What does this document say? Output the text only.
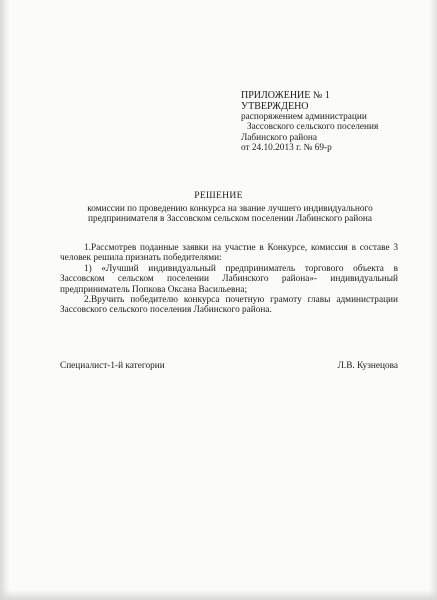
ПРИЛОЖЕНИЕ № 1
УТВЕРЖДЕНО
распоряжением администрации
Зассовского сельского поселения
Лабинского района
от 24.10.2013 г. № 69-р
РЕШЕНИЕ
комиссии по проведению конкурса на звание лучшего индивидуального
предпринимателя в Зассовском сельском поселении Лабинского района
1.Рассмотрев поданные заявки на участие в Конкурсе, комиссия в составе 3 человек решила признать победителями:
1) «Лучший индивидуальный предприниматель торгового объекта в Зассовском сельском поселении Лабинского района»- индивидуальный предприниматель Попкова Оксана Васильевна;
2.Вручить победителю конкурса почетную грамоту главы администрации Зассовского сельского поселения Лабинского района.
Специалист-1-й категории	Л.В. Кузнецова
